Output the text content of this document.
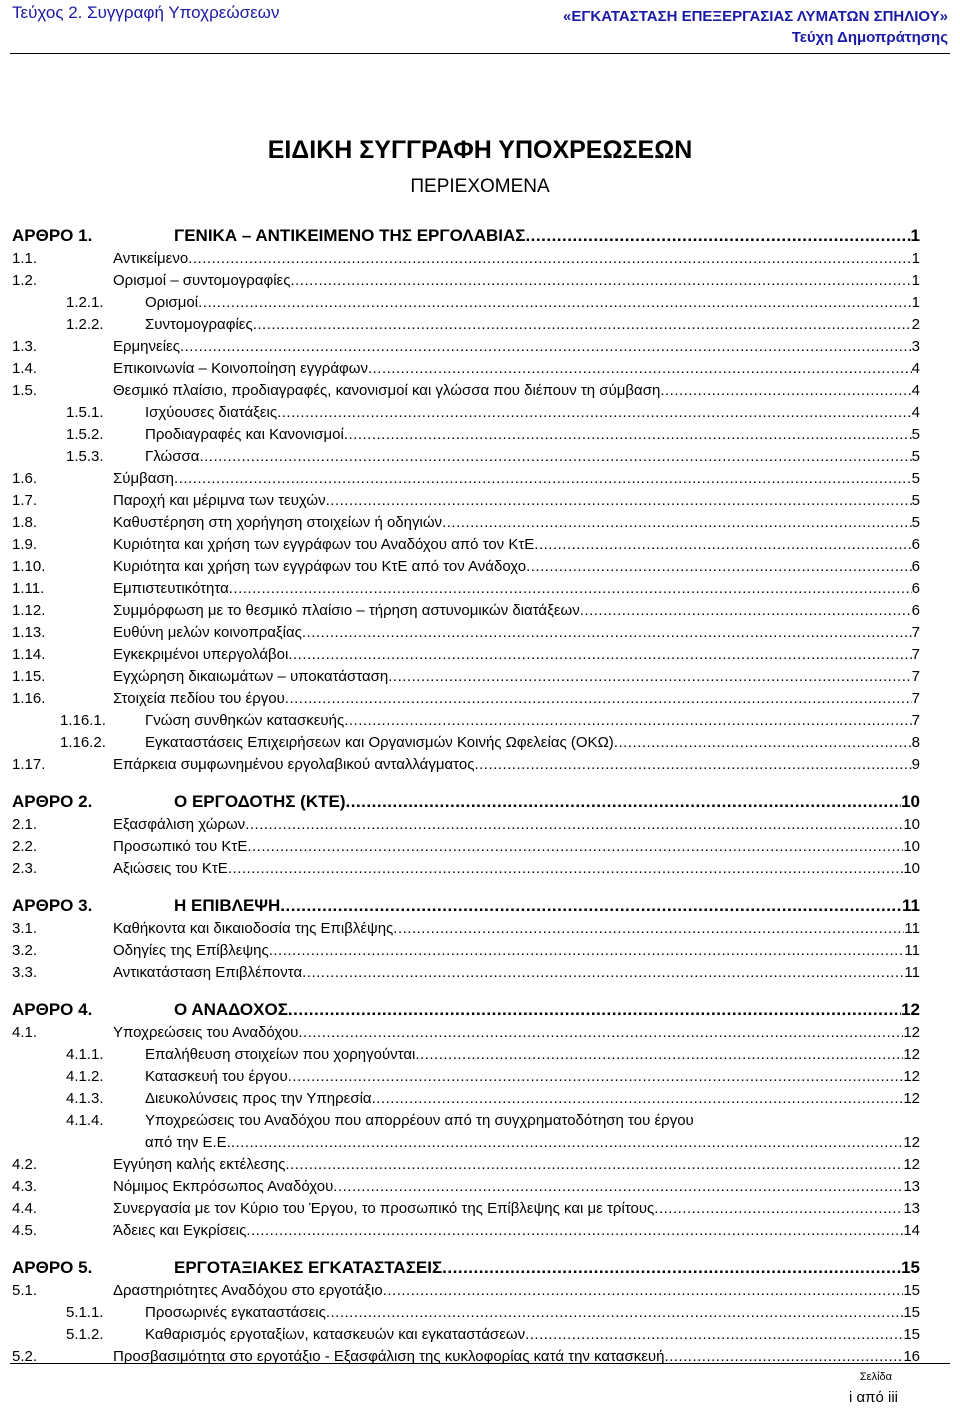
Τεύχος 2. Συγγραφή Υποχρεώσεων	«ΕΓΚΑΤΑΣΤΑΣΗ ΕΠΕΞΕΡΓΑΣΙΑΣ ΛΥΜΑΤΩΝ ΣΠΗΛΙΟΥ»
Τεύχη Δημοπράτησης
ΕΙΔΙΚΗ ΣΥΓΓΡΑΦΗ ΥΠΟΧΡΕΩΣΕΩΝ
ΠΕΡΙΕΧΟΜΕΝΑ
ΑΡΘΡΟ 1.	ΓΕΝΙΚΑ – ΑΝΤΙΚΕΙΜΕΝΟ ΤΗΣ ΕΡΓΟΛΑΒΙΑΣ .....	1
1.1.	Αντικείμενο .....	1
1.2.	Ορισμοί – συντομογραφίες .....	1
1.2.1.	Ορισμοί .....	1
1.2.2.	Συντομογραφίες .....	2
1.3.	Ερμηνείες .....	3
1.4.	Επικοινωνία – Κοινοποίηση εγγράφων .....	4
1.5.	Θεσμικό πλαίσιο, προδιαγραφές, κανονισμοί και γλώσσα που διέπουν τη σύμβαση .....	4
1.5.1.	Ισχύουσες διατάξεις .....	4
1.5.2.	Προδιαγραφές και Κανονισμοί .....	5
1.5.3.	Γλώσσα .....	5
1.6.	Σύμβαση .....	5
1.7.	Παροχή και μέριμνα των τευχών .....	5
1.8.	Καθυστέρηση στη χορήγηση στοιχείων ή οδηγιών .....	5
1.9.	Κυριότητα και χρήση των εγγράφων του Αναδόχου από τον ΚτΕ .....	6
1.10.	Κυριότητα και χρήση των εγγράφων του ΚτΕ από τον Ανάδοχο .....	6
1.11.	Εμπιστευτικότητα .....	6
1.12.	Συμμόρφωση με το θεσμικό πλαίσιο – τήρηση αστυνομικών διατάξεων .....	6
1.13.	Ευθύνη μελών κοινοπραξίας .....	7
1.14.	Εγκεκριμένοι υπεργολάβοι .....	7
1.15.	Εγχώρηση δικαιωμάτων – υποκατάσταση .....	7
1.16.	Στοιχεία πεδίου του έργου .....	7
1.16.1.	Γνώση συνθηκών κατασκευής .....	7
1.16.2.	Εγκαταστάσεις Επιχειρήσεων και Οργανισμών Κοινής Ωφελείας (ΟΚΩ) .....	8
1.17.	Επάρκεια συμφωνημένου εργολαβικού ανταλλάγματος .....	9
ΑΡΘΡΟ 2.	Ο ΕΡΓΟΔΟΤΗΣ (ΚΤΕ) .....	10
2.1.	Εξασφάλιση χώρων .....	10
2.2.	Προσωπικό του ΚτΕ .....	10
2.3.	Αξιώσεις του ΚτΕ .....	10
ΑΡΘΡΟ 3.	Η ΕΠΙΒΛΕΨΗ .....	11
3.1.	Καθήκοντα και δικαιοδοσία της Επιβλέψης .....	11
3.2.	Οδηγίες της Επίβλεψης .....	11
3.3.	Αντικατάσταση Επιβλέποντα .....	11
ΑΡΘΡΟ 4.	Ο ΑΝΑΔΟΧΟΣ .....	12
4.1.	Υποχρεώσεις του Αναδόχου .....	12
4.1.1.	Επαλήθευση στοιχείων που χορηγούνται .....	12
4.1.2.	Κατασκευή του έργου .....	12
4.1.3.	Διευκολύνσεις προς την Υπηρεσία .....	12
4.1.4.	Υποχρεώσεις του Αναδόχου που απορρέουν από τη συγχρηματοδότηση του έργου
από την Ε.Ε. .....	12
4.2.	Εγγύηση καλής εκτέλεσης .....	12
4.3.	Νόμιμος Εκπρόσωπος Αναδόχου .....	13
4.4.	Συνεργασία με τον Κύριο του Έργου, το προσωπικό της Επίβλεψης και με τρίτους .....	13
4.5.	Άδειες και Εγκρίσεις .....	14
ΑΡΘΡΟ 5.	ΕΡΓΟΤΑΞΙΑΚΕΣ ΕΓΚΑΤΑΣΤΑΣΕΙΣ .....	15
5.1.	Δραστηριότητες Αναδόχου στο εργοτάξιο .....	15
5.1.1.	Προσωρινές εγκαταστάσεις .....	15
5.1.2.	Καθαρισμός εργοταξίων, κατασκευών και εγκαταστάσεων .....	15
5.2.	Προσβασιμότητα στο εργοτάξιο - Εξασφάλιση της κυκλοφορίας κατά την κατασκευή .....	16
Σελίδα
i από iii
